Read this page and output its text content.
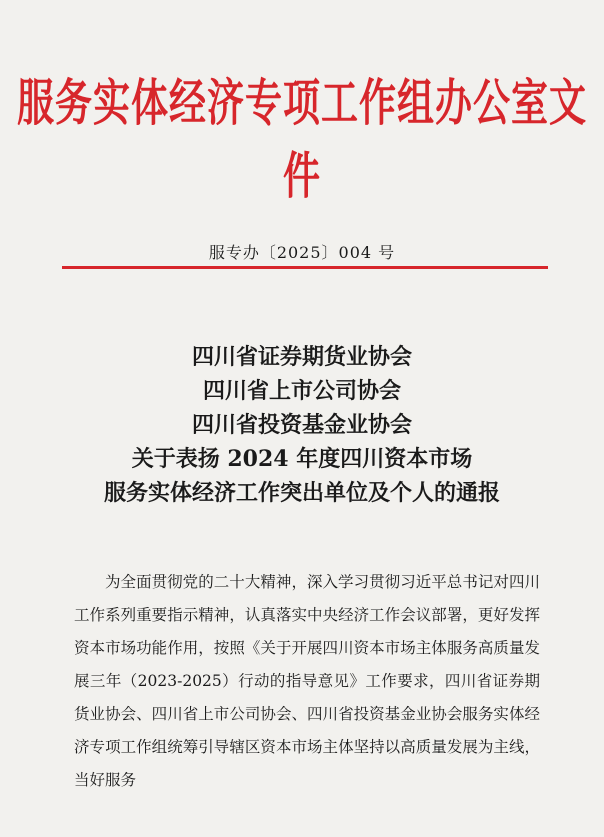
服务实体经济专项工作组办公室文件
服专办〔2025〕004 号
四川省证券期货业协会
四川省上市公司协会
四川省投资基金业协会
关于表扬 2024 年度四川资本市场
服务实体经济工作突出单位及个人的通报

为全面贯彻党的二十大精神，深入学习贯彻习近平总书记对四川工作系列重要指示精神，认真落实中央经济工作会议部署，更好发挥资本市场功能作用，按照《关于开展四川资本市场主体服务高质量发展三年（2023-2025）行动的指导意见》工作要求，四川省证券期货业协会、四川省上市公司协会、四川省投资基金业协会服务实体经济专项工作组统筹引导辖区资本市场主体坚持以高质量发展为主线，当好服务
